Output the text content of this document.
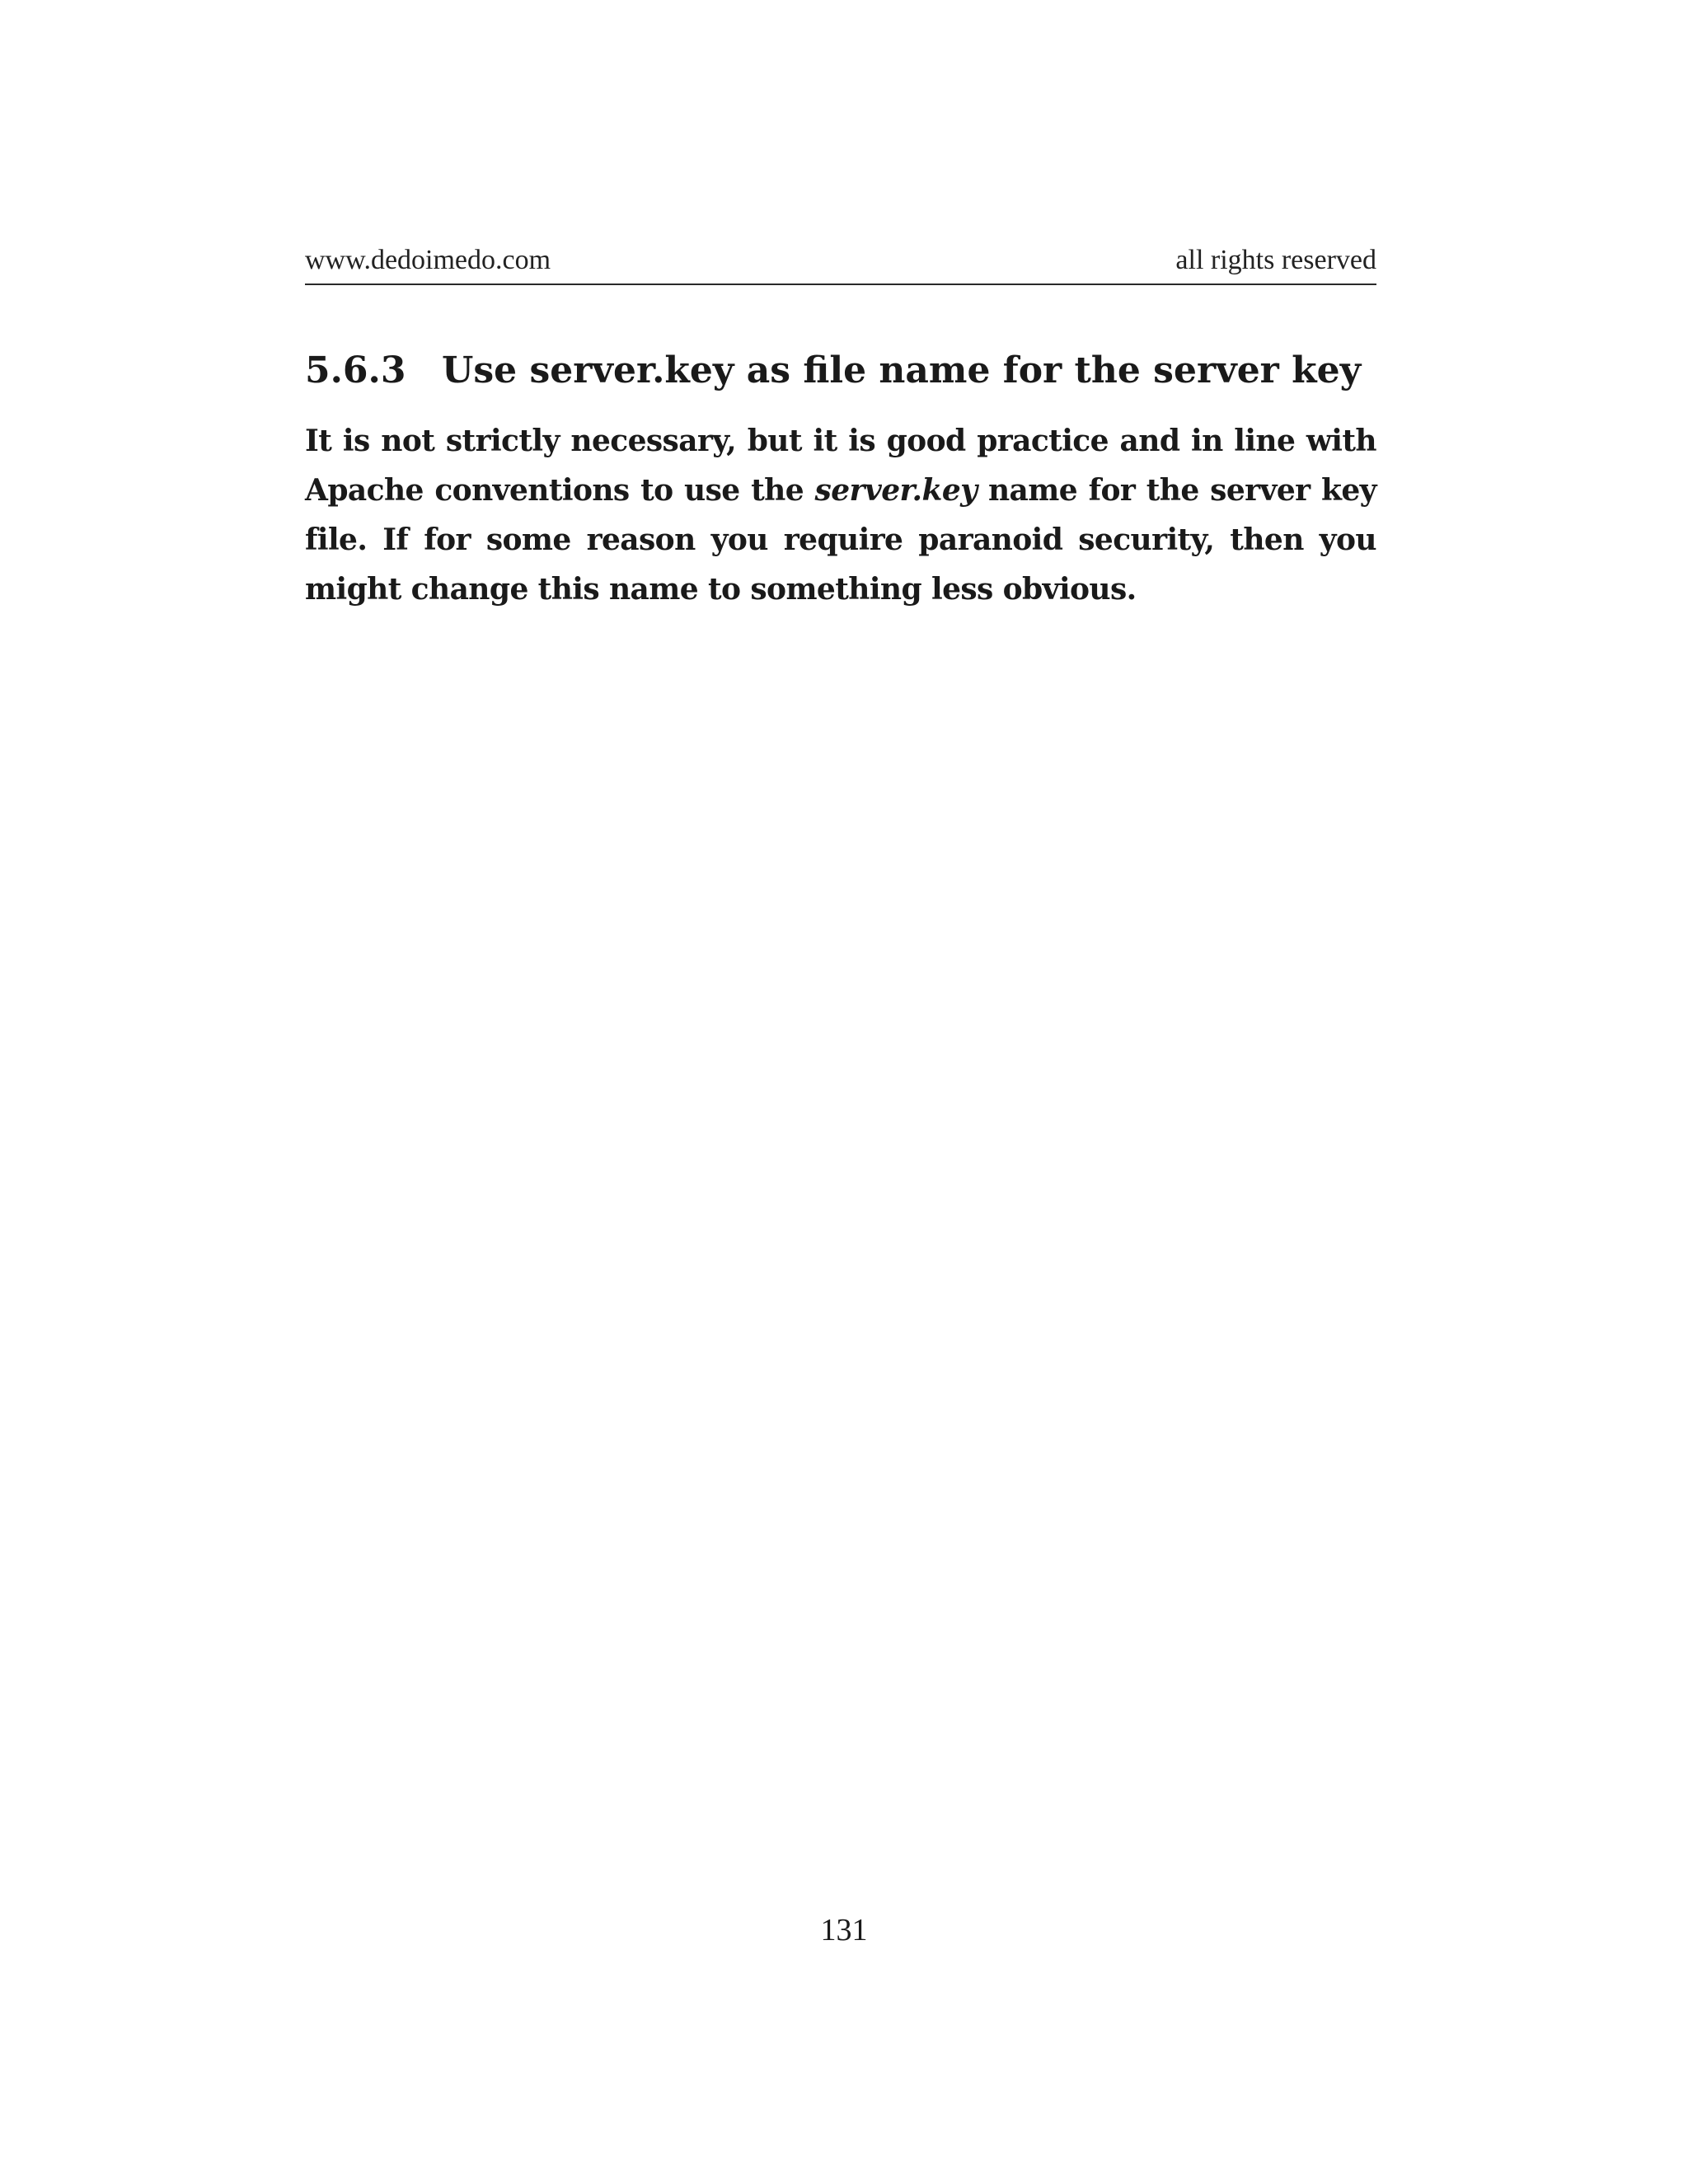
www.dedoimedo.com	all rights reserved
5.6.3 Use server.key as file name for the server key

It is not strictly necessary, but it is good practice and in line with Apache conventions to use the server.key name for the server key file. If for some reason you require paranoid security, then you might change this name to something less obvious.

131
